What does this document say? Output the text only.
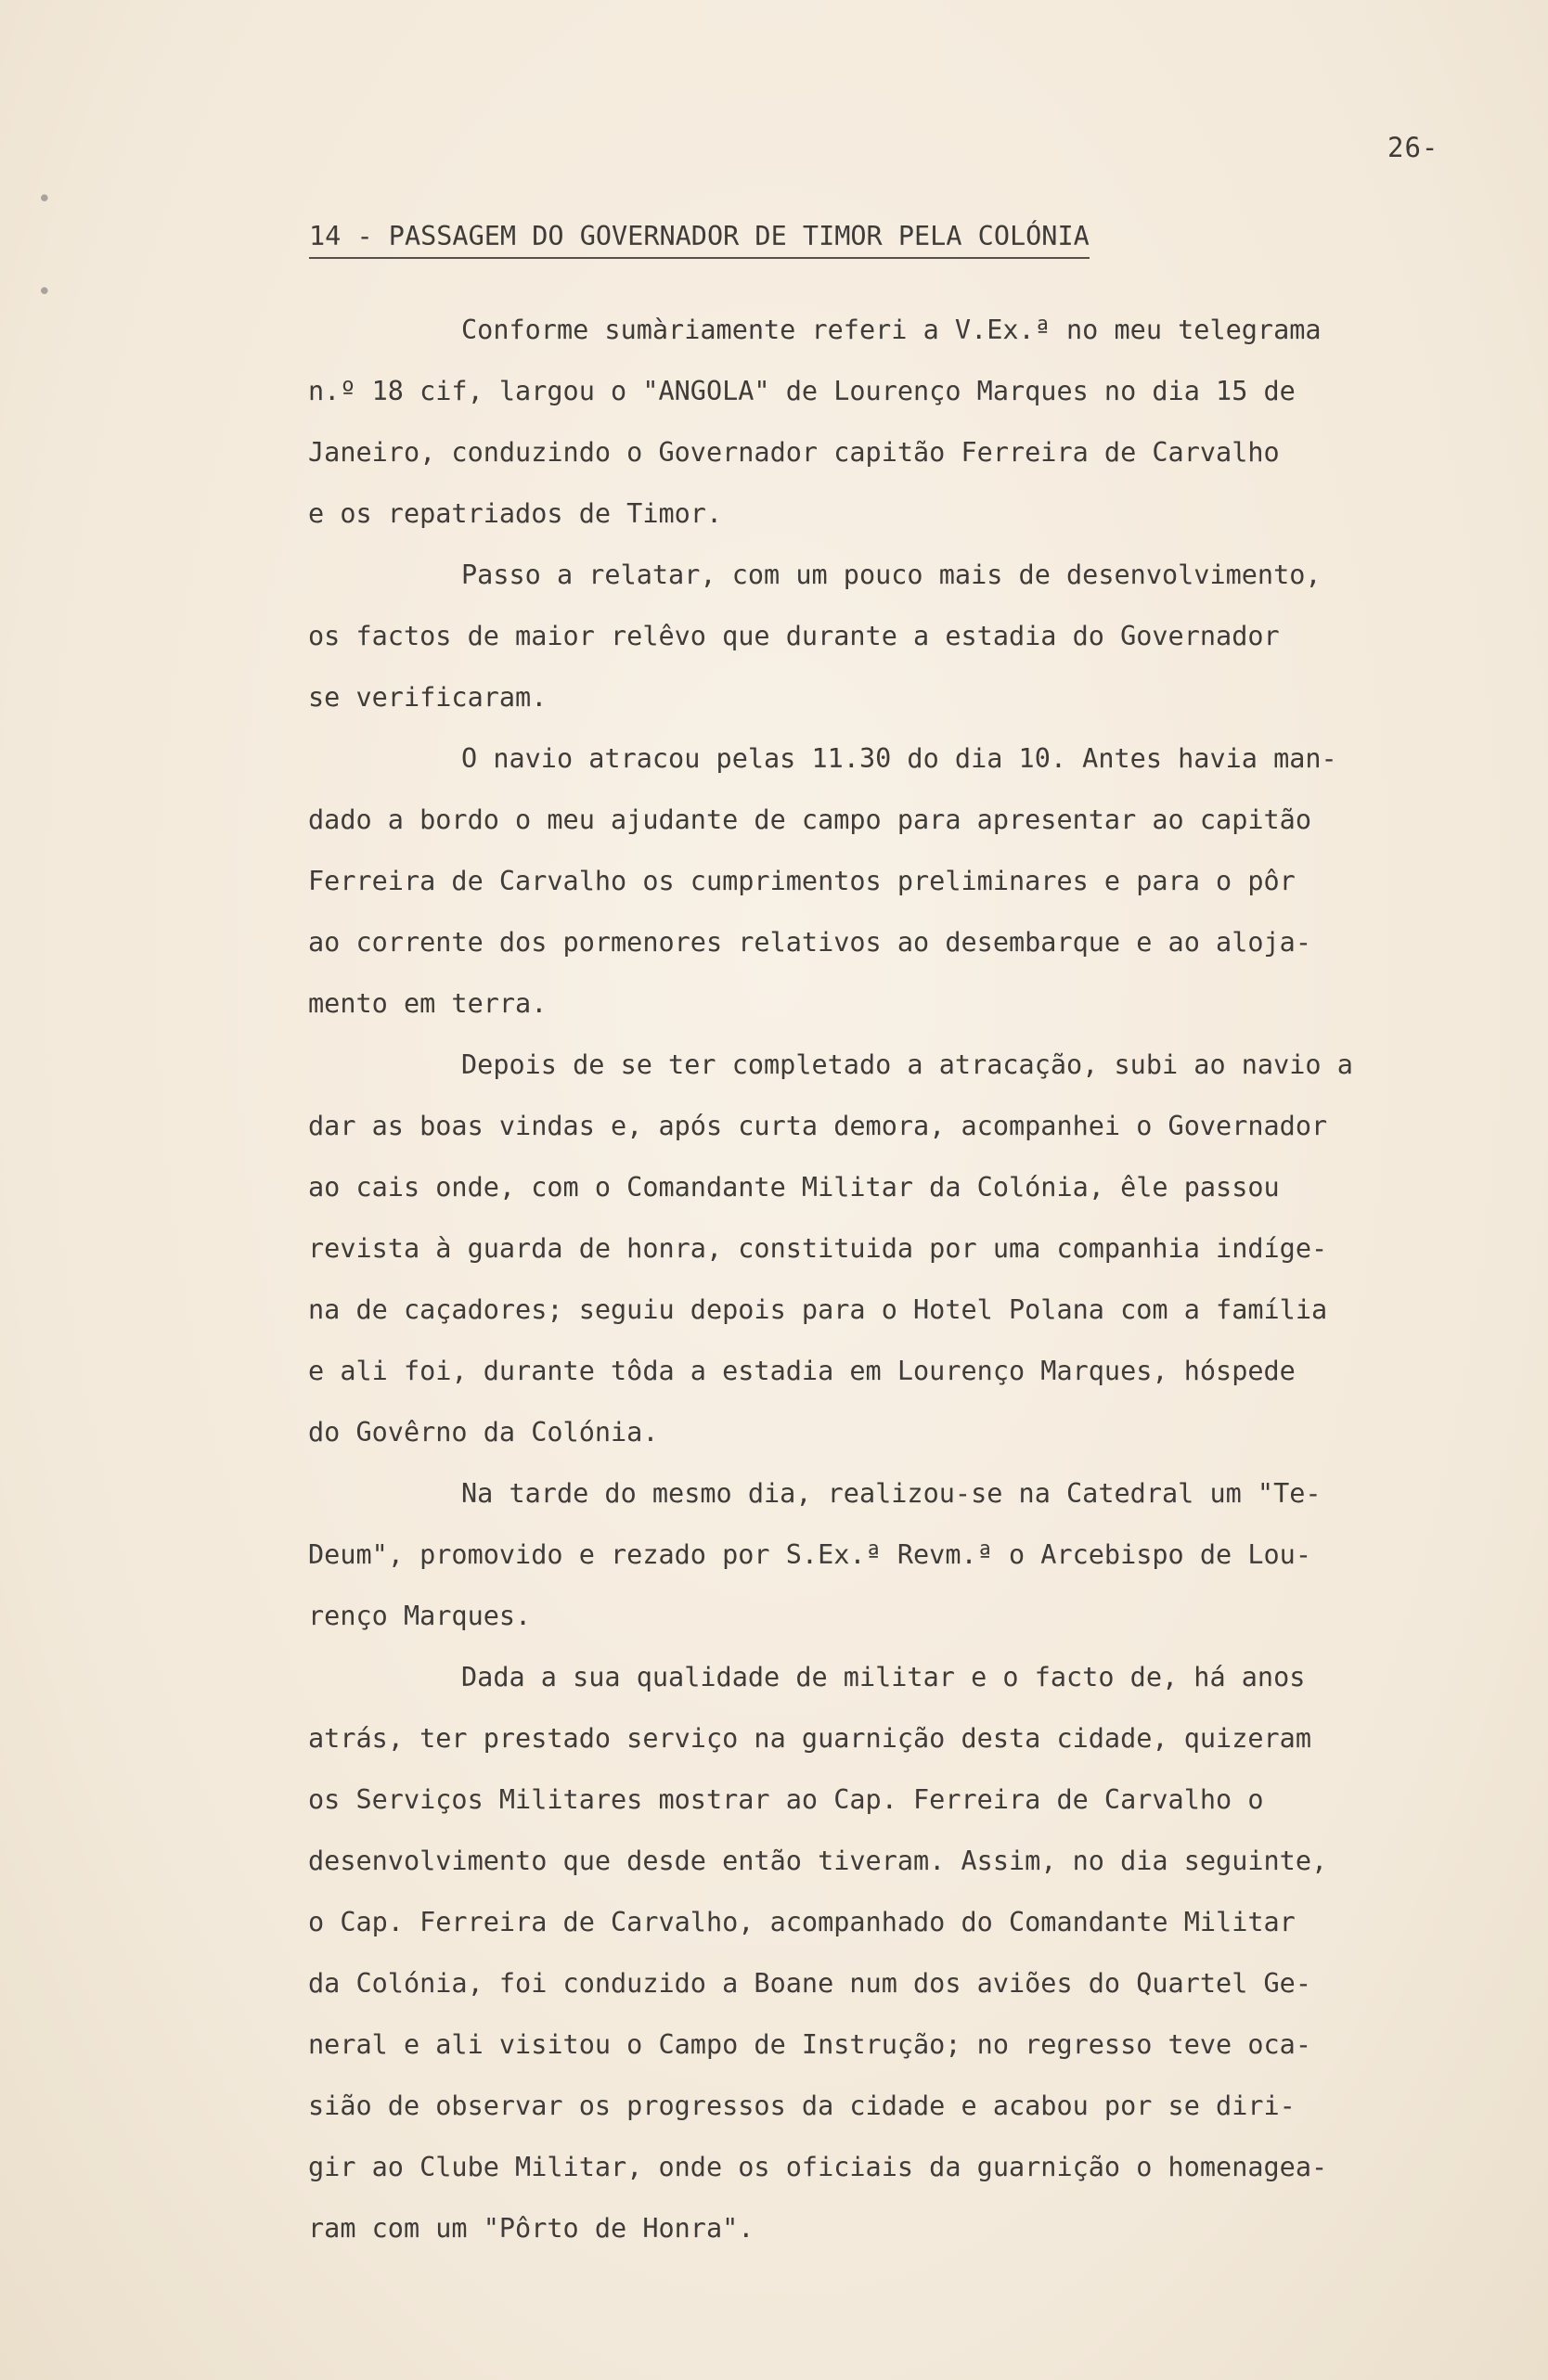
•
•
26-
14 - PASSAGEM DO GOVERNADOR DE TIMOR PELA COLÓNIA
Conforme sumàriamente referi a V.Ex.ª no meu telegrama
n.º 18 cif, largou o "ANGOLA" de Lourenço Marques no dia 15 de
Janeiro, conduzindo o Governador capitão Ferreira de Carvalho
e os repatriados de Timor.
Passo a relatar, com um pouco mais de desenvolvimento,
os factos de maior relêvo que durante a estadia do Governador
se verificaram.
O navio atracou pelas 11.30 do dia 10. Antes havia man-
dado a bordo o meu ajudante de campo para apresentar ao capitão
Ferreira de Carvalho os cumprimentos preliminares e para o pôr
ao corrente dos pormenores relativos ao desembarque e ao aloja-
mento em terra.
Depois de se ter completado a atracação, subi ao navio a
dar as boas vindas e, após curta demora, acompanhei o Governador
ao cais onde, com o Comandante Militar da Colónia, êle passou
revista à guarda de honra, constituida por uma companhia indíge-
na de caçadores; seguiu depois para o Hotel Polana com a família
e ali foi, durante tôda a estadia em Lourenço Marques, hóspede
do Govêrno da Colónia.
Na tarde do mesmo dia, realizou-se na Catedral um "Te-
Deum", promovido e rezado por S.Ex.ª Revm.ª o Arcebispo de Lou-
renço Marques.
Dada a sua qualidade de militar e o facto de, há anos
atrás, ter prestado serviço na guarnição desta cidade, quizeram
os Serviços Militares mostrar ao Cap. Ferreira de Carvalho o
desenvolvimento que desde então tiveram. Assim, no dia seguinte,
o Cap. Ferreira de Carvalho, acompanhado do Comandante Militar
da Colónia, foi conduzido a Boane num dos aviões do Quartel Ge-
neral e ali visitou o Campo de Instrução; no regresso teve oca-
sião de observar os progressos da cidade e acabou por se diri-
gir ao Clube Militar, onde os oficiais da guarnição o homenagea-
ram com um "Pôrto de Honra".
